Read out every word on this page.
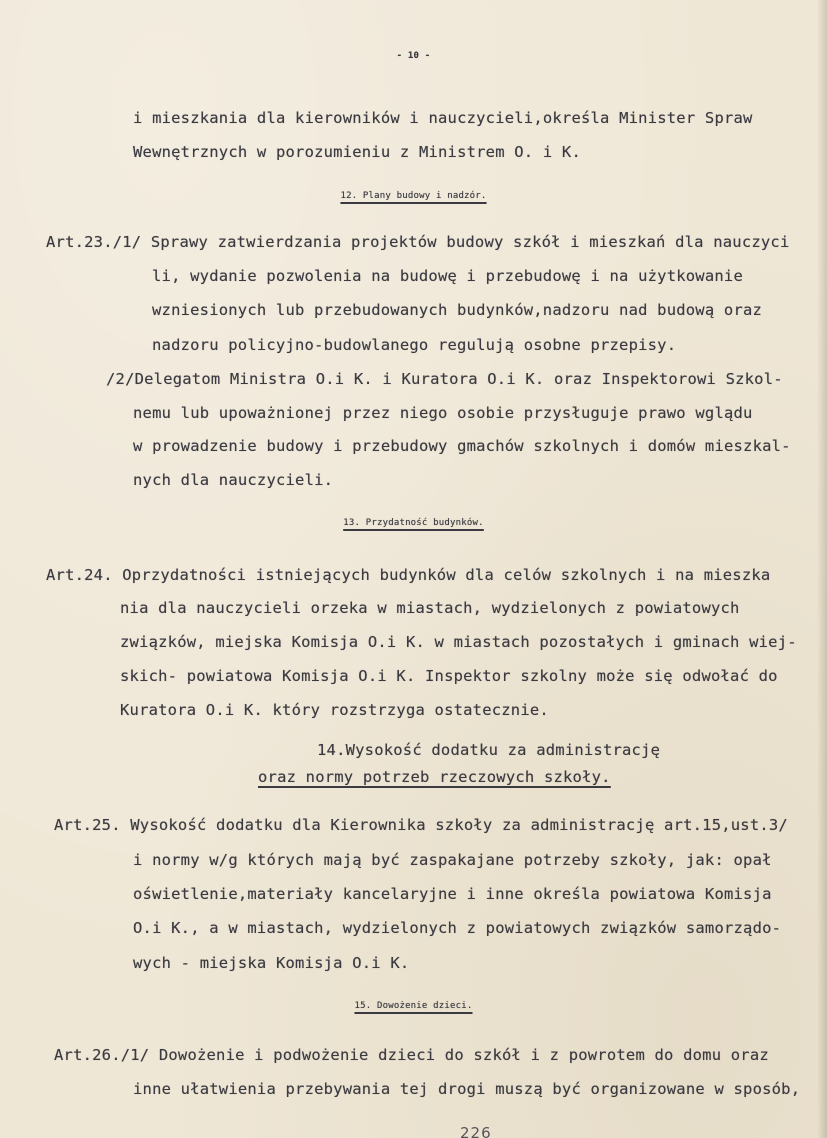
- 10 -
i mieszkania dla kierowników i nauczycieli,określa Minister Spraw
Wewnętrznych w porozumieniu z Ministrem O. i K.
12. Plany budowy i nadzór.
Art.23./1/ Sprawy zatwierdzania projektów budowy szkół i mieszkań dla nauczyci
li, wydanie pozwolenia na budowę i przebudowę i na użytkowanie
wzniesionych lub przebudowanych budynków,nadzoru nad budową oraz
nadzoru policyjno-budowlanego regulują osobne przepisy.
/2/Delegatom Ministra O.i K. i Kuratora O.i K. oraz Inspektorowi Szkol-
nemu lub upoważnionej przez niego osobie przysługuje prawo wglądu
w prowadzenie budowy i przebudowy gmachów szkolnych i domów mieszkal-
nych dla nauczycieli.
13. Przydatność budynków.
Art.24. Oprzydatności istniejących budynków dla celów szkolnych i na mieszka
nia dla nauczycieli orzeka w miastach, wydzielonych z powiatowych
związków, miejska Komisja O.i K. w miastach pozostałych i gminach wiej-
skich- powiatowa Komisja O.i K. Inspektor szkolny może się odwołać do
Kuratora O.i K. który rozstrzyga ostatecznie.
14.Wysokość dodatku za administrację
oraz normy potrzeb rzeczowych szkoły.
Art.25. Wysokość dodatku dla Kierownika szkoły za administrację art.15,ust.3/
i normy w/g których mają być zaspakajane potrzeby szkoły, jak: opał
oświetlenie,materiały kancelaryjne i inne określa powiatowa Komisja
O.i K., a w miastach, wydzielonych z powiatowych związków samorządo-
wych - miejska Komisja O.i K.
15. Dowożenie dzieci.
Art.26./1/ Dowożenie i podwożenie dzieci do szkół i z powrotem do domu oraz
inne ułatwienia przebywania tej drogi muszą być organizowane w sposób,
226
